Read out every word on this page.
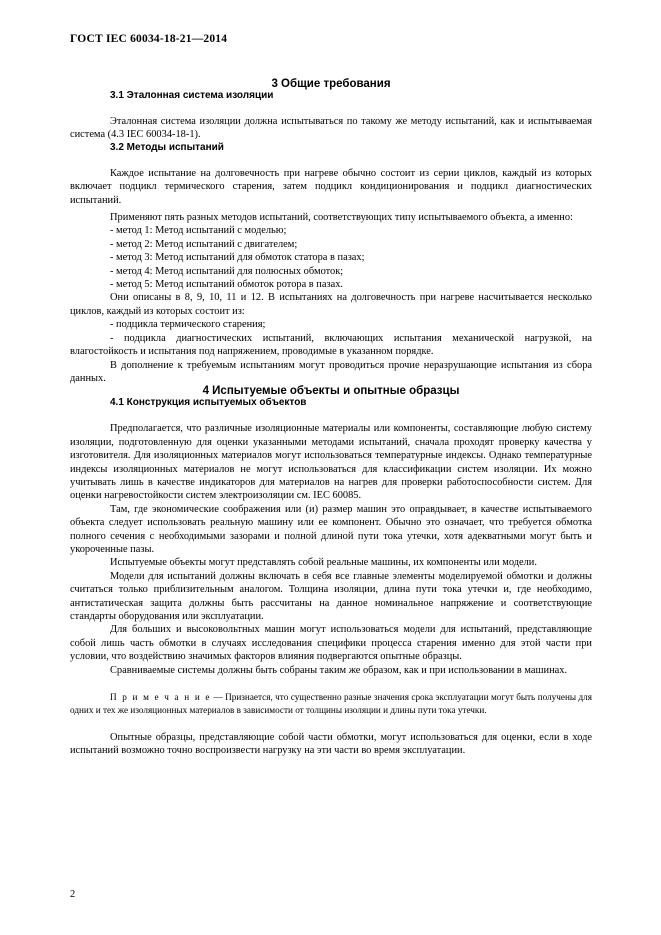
ГОСТ IEC 60034-18-21—2014
3 Общие требования
3.1 Эталонная система изоляции

Эталонная система изоляции должна испытываться по такому же методу испытаний, как и испытываемая система (4.3 IEC 60034-18-1).

3.2 Методы испытаний

Каждое испытание на долговечность при нагреве обычно состоит из серии циклов, каждый из которых включает подцикл термического старения, затем подцикл кондиционирования и подцикл диагностических испытаний.

Применяют пять разных методов испытаний, соответствующих типу испытываемого объекта, а именно:

- метод 1: Метод испытаний с моделью;

- метод 2: Метод испытаний с двигателем;

- метод 3: Метод испытаний для обмоток статора в пазах;

- метод 4: Метод испытаний для полюсных обмоток;

- метод 5: Метод испытаний обмоток ротора в пазах.

Они описаны в 8, 9, 10, 11 и 12. В испытаниях на долговечность при нагреве насчитывается несколько циклов, каждый из которых состоит из:

- подцикла термического старения;

- подцикла диагностических испытаний, включающих испытания механической нагрузкой, на влагостойкость и испытания под напряжением, проводимые в указанном порядке.

В дополнение к требуемым испытаниям могут проводиться прочие неразрушающие испытания из сбора данных.

4 Испытуемые объекты и опытные образцы
4.1 Конструкция испытуемых объектов

Предполагается, что различные изоляционные материалы или компоненты, составляющие любую систему изоляции, подготовленную для оценки указанными методами испытаний, сначала проходят проверку качества у изготовителя. Для изоляционных материалов могут использоваться температурные индексы. Однако температурные индексы изоляционных материалов не могут использоваться для классификации систем изоляции. Их можно учитывать лишь в качестве индикаторов для материалов на нагрев для проверки работоспособности систем. Для оценки нагревостойкости систем электроизоляции см. IEC 60085.

Там, где экономические соображения или (и) размер машин это оправдывает, в качестве испытываемого объекта следует использовать реальную машину или ее компонент. Обычно это означает, что требуется обмотка полного сечения с необходимыми зазорами и полной длиной пути тока утечки, хотя адекватными могут быть и укороченные пазы.

Испытуемые объекты могут представлять собой реальные машины, их компоненты или модели.

Модели для испытаний должны включать в себя все главные элементы моделируемой обмотки и должны считаться только приблизительным аналогом. Толщина изоляции, длина пути тока утечки и, где необходимо, антистатическая защита должны быть рассчитаны на данное номинальное напряжение и соответствующие стандарты оборудования или эксплуатации.

Для больших и высоковольтных машин могут использоваться модели для испытаний, представляющие собой лишь часть обмотки в случаях исследования специфики процесса старения именно для этой части при условии, что воздействию значимых факторов влияния подвергаются опытные образцы.

Сравниваемые системы должны быть собраны таким же образом, как и при использовании в машинах.

П р и м е ч а н и е — Признается, что существенно разные значения срока эксплуатации могут быть получены для одних и тех же изоляционных материалов в зависимости от толщины изоляции и длины пути тока утечки.

Опытные образцы, представляющие собой части обмотки, могут использоваться для оценки, если в ходе испытаний возможно точно воспроизвести нагрузку на эти части во время эксплуатации.

2
